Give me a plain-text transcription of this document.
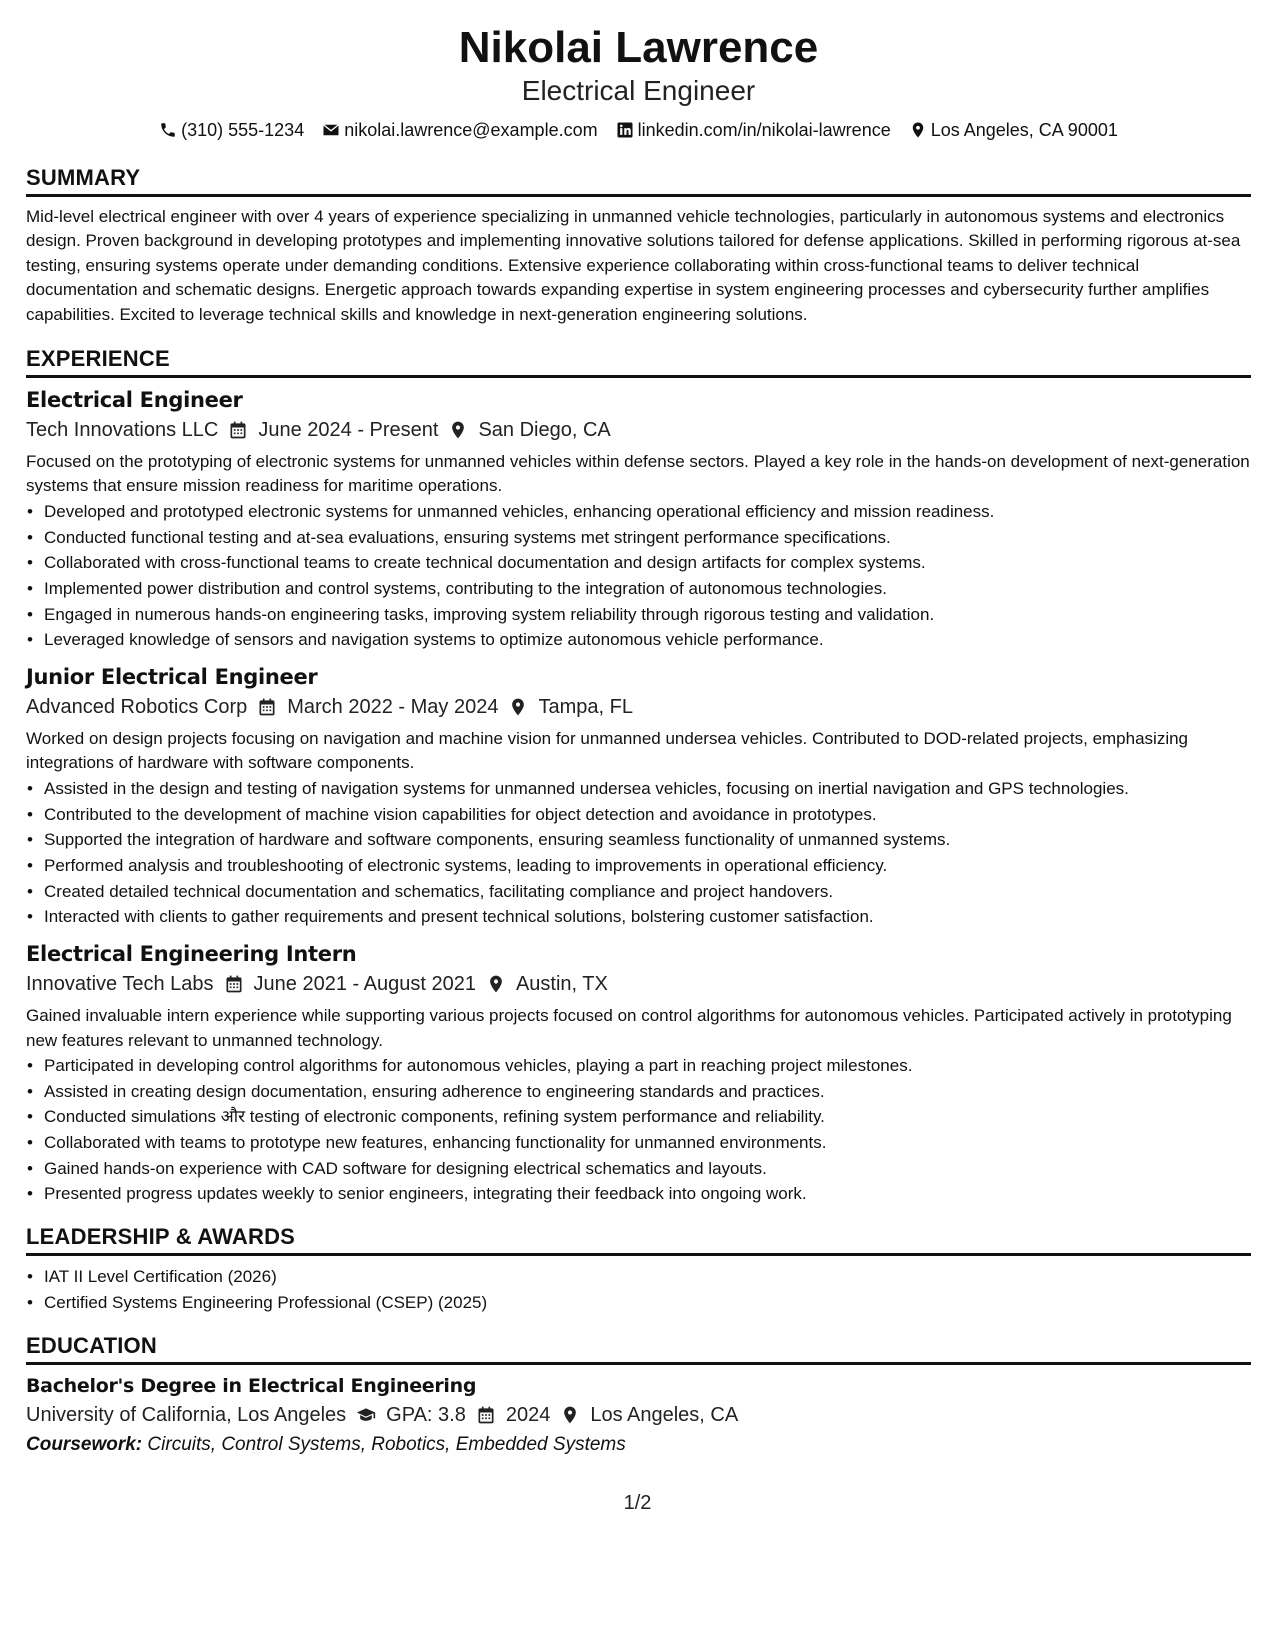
Nikolai Lawrence
Electrical Engineer
(310) 555-1234 nikolai.lawrence@example.com linkedin.com/in/nikolai-lawrence Los Angeles, CA 90001
SUMMARY

Mid-level electrical engineer with over 4 years of experience specializing in unmanned vehicle technologies, particularly in autonomous systems and electronics design. Proven background in developing prototypes and implementing innovative solutions tailored for defense applications. Skilled in performing rigorous at-sea testing, ensuring systems operate under demanding conditions. Extensive experience collaborating within cross-functional teams to deliver technical documentation and schematic designs. Energetic approach towards expanding expertise in system engineering processes and cybersecurity further amplifies capabilities. Excited to leverage technical skills and knowledge in next-generation engineering solutions.

EXPERIENCE
Electrical Engineer
Tech Innovations LLC June 2024 - Present San Diego, CA

Focused on the prototyping of electronic systems for unmanned vehicles within defense sectors. Played a key role in the hands-on development of next-generation systems that ensure mission readiness for maritime operations.

• Developed and prototyped electronic systems for unmanned vehicles, enhancing operational efficiency and mission readiness.
• Conducted functional testing and at-sea evaluations, ensuring systems met stringent performance specifications.
• Collaborated with cross-functional teams to create technical documentation and design artifacts for complex systems.
• Implemented power distribution and control systems, contributing to the integration of autonomous technologies.
• Engaged in numerous hands-on engineering tasks, improving system reliability through rigorous testing and validation.
• Leveraged knowledge of sensors and navigation systems to optimize autonomous vehicle performance.
Junior Electrical Engineer
Advanced Robotics Corp March 2022 - May 2024 Tampa, FL

Worked on design projects focusing on navigation and machine vision for unmanned undersea vehicles. Contributed to DOD-related projects, emphasizing integrations of hardware with software components.

• Assisted in the design and testing of navigation systems for unmanned undersea vehicles, focusing on inertial navigation and GPS technologies.
• Contributed to the development of machine vision capabilities for object detection and avoidance in prototypes.
• Supported the integration of hardware and software components, ensuring seamless functionality of unmanned systems.
• Performed analysis and troubleshooting of electronic systems, leading to improvements in operational efficiency.
• Created detailed technical documentation and schematics, facilitating compliance and project handovers.
• Interacted with clients to gather requirements and present technical solutions, bolstering customer satisfaction.
Electrical Engineering Intern
Innovative Tech Labs June 2021 - August 2021 Austin, TX

Gained invaluable intern experience while supporting various projects focused on control algorithms for autonomous vehicles. Participated actively in prototyping new features relevant to unmanned technology.

• Participated in developing control algorithms for autonomous vehicles, playing a part in reaching project milestones.
• Assisted in creating design documentation, ensuring adherence to engineering standards and practices.
• Conducted simulations और testing of electronic components, refining system performance and reliability.
• Collaborated with teams to prototype new features, enhancing functionality for unmanned environments.
• Gained hands-on experience with CAD software for designing electrical schematics and layouts.
• Presented progress updates weekly to senior engineers, integrating their feedback into ongoing work.
LEADERSHIP & AWARDS
• IAT II Level Certification (2026)
• Certified Systems Engineering Professional (CSEP) (2025)
EDUCATION
Bachelor's Degree in Electrical Engineering
University of California, Los Angeles GPA: 3.8 2024 Los Angeles, CA
Coursework: Circuits, Control Systems, Robotics, Embedded Systems
1/2
